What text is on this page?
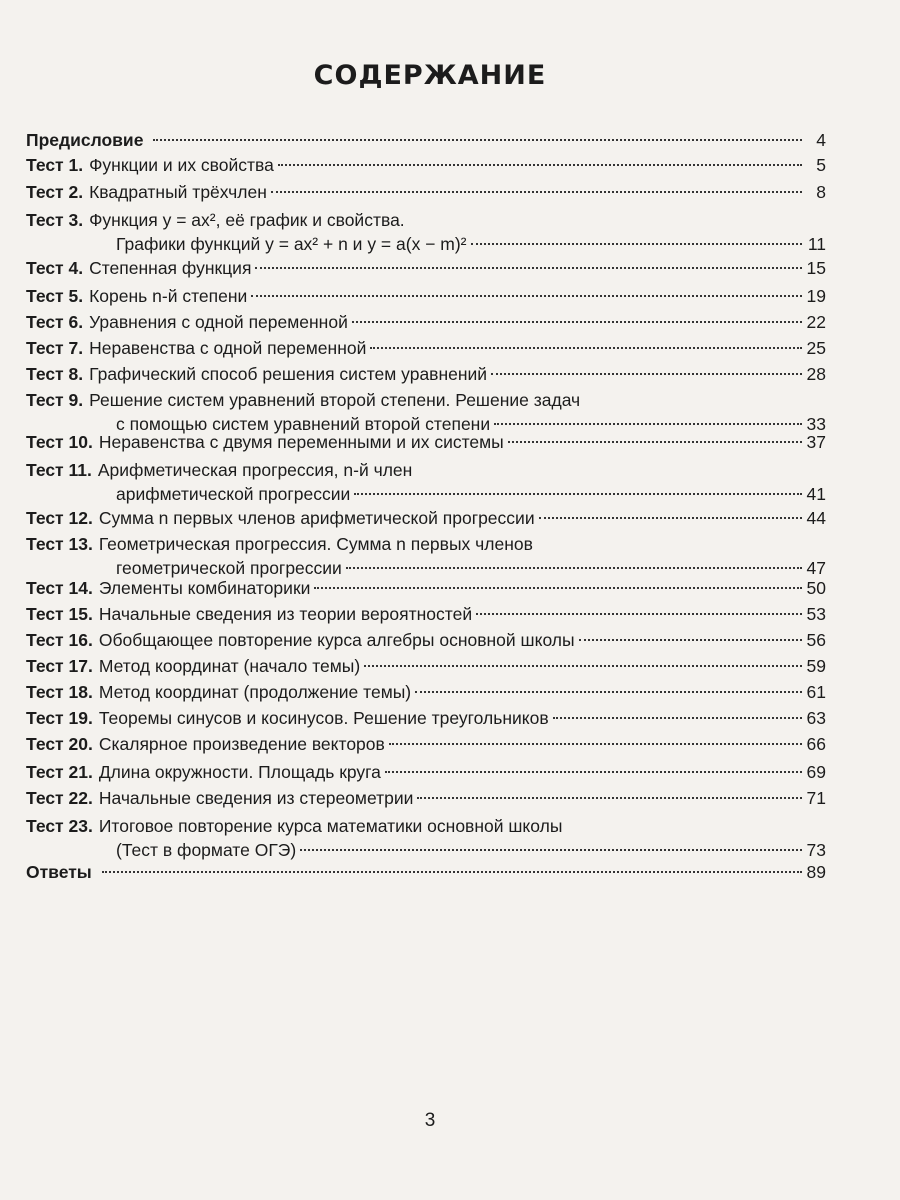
СОДЕРЖАНИЕ
Предисловие	4
Тест 1. Функции и их свойства	5
Тест 2. Квадратный трёхчлен	8
Тест 3. Функция y = ax², её график и свойства.
Графики функций y = ax² + n и y = a(x − m)²	11
Тест 4. Степенная функция	15
Тест 5. Корень n-й степени	19
Тест 6. Уравнения с одной переменной	22
Тест 7. Неравенства с одной переменной	25
Тест 8. Графический способ решения систем уравнений	28
Тест 9. Решение систем уравнений второй степени. Решение задач
с помощью систем уравнений второй степени	33
Тест 10. Неравенства с двумя переменными и их системы	37
Тест 11. Арифметическая прогрессия, n-й член
арифметической прогрессии	41
Тест 12. Сумма n первых членов арифметической прогрессии	44
Тест 13. Геометрическая прогрессия. Сумма n первых членов
геометрической прогрессии	47
Тест 14. Элементы комбинаторики	50
Тест 15. Начальные сведения из теории вероятностей	53
Тест 16. Обобщающее повторение курса алгебры основной школы	56
Тест 17. Метод координат (начало темы)	59
Тест 18. Метод координат (продолжение темы)	61
Тест 19. Теоремы синусов и косинусов. Решение треугольников	63
Тест 20. Скалярное произведение векторов	66
Тест 21. Длина окружности. Площадь круга	69
Тест 22. Начальные сведения из стереометрии	71
Тест 23. Итоговое повторение курса математики основной школы
(Тест в формате ОГЭ)	73
Ответы	89
3
